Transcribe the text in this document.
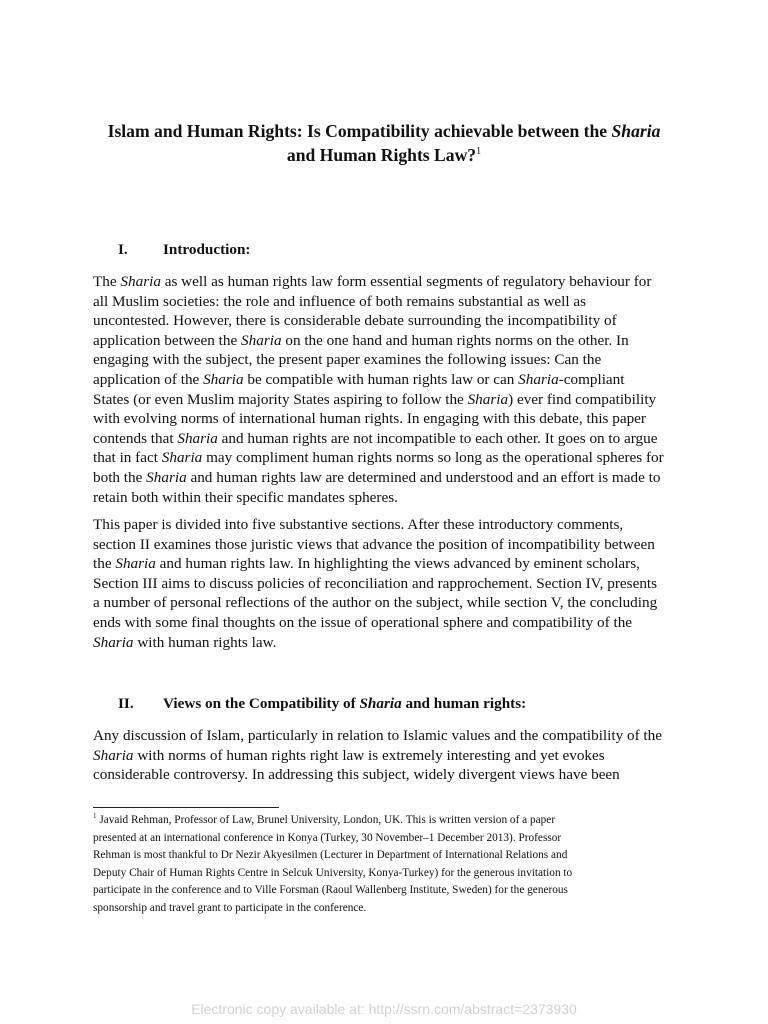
Islam and Human Rights: Is Compatibility achievable between the Sharia
and Human Rights Law?$^1$
I. Introduction:
The Sharia as well as human rights law form essential segments of regulatory behaviour for
all Muslim societies: the role and influence of both remains substantial as well as
uncontested. However, there is considerable debate surrounding the incompatibility of
application between the Sharia on the one hand and human rights norms on the other. In
engaging with the subject, the present paper examines the following issues: Can the
application of the Sharia be compatible with human rights law or can Sharia-compliant
States (or even Muslim majority States aspiring to follow the Sharia) ever find compatibility
with evolving norms of international human rights. In engaging with this debate, this paper
contends that Sharia and human rights are not incompatible to each other. It goes on to argue
that in fact Sharia may compliment human rights norms so long as the operational spheres for
both the Sharia and human rights law are determined and understood and an effort is made to
retain both within their specific mandates spheres.
This paper is divided into five substantive sections. After these introductory comments,
section II examines those juristic views that advance the position of incompatibility between
the Sharia and human rights law. In highlighting the views advanced by eminent scholars,
Section III aims to discuss policies of reconciliation and rapprochement. Section IV, presents
a number of personal reflections of the author on the subject, while section V, the concluding
ends with some final thoughts on the issue of operational sphere and compatibility of the
Sharia with human rights law.
II. Views on the Compatibility of Sharia and human rights:
Any discussion of Islam, particularly in relation to Islamic values and the compatibility of the
Sharia with norms of human rights right law is extremely interesting and yet evokes
considerable controversy. In addressing this subject, widely divergent views have been
$^1$ Javaid Rehman, Professor of Law, Brunel University, London, UK. This is written version of a paper
presented at an international conference in Konya (Turkey, 30 November–1 December 2013). Professor
Rehman is most thankful to Dr Nezir Akyesilmen (Lecturer in Department of International Relations and
Deputy Chair of Human Rights Centre in Selcuk University, Konya-Turkey) for the generous invitation to
participate in the conference and to Ville Forsman (Raoul Wallenberg Institute, Sweden) for the generous
sponsorship and travel grant to participate in the conference.
Electronic copy available at: http://ssrn.com/abstract=2373930
